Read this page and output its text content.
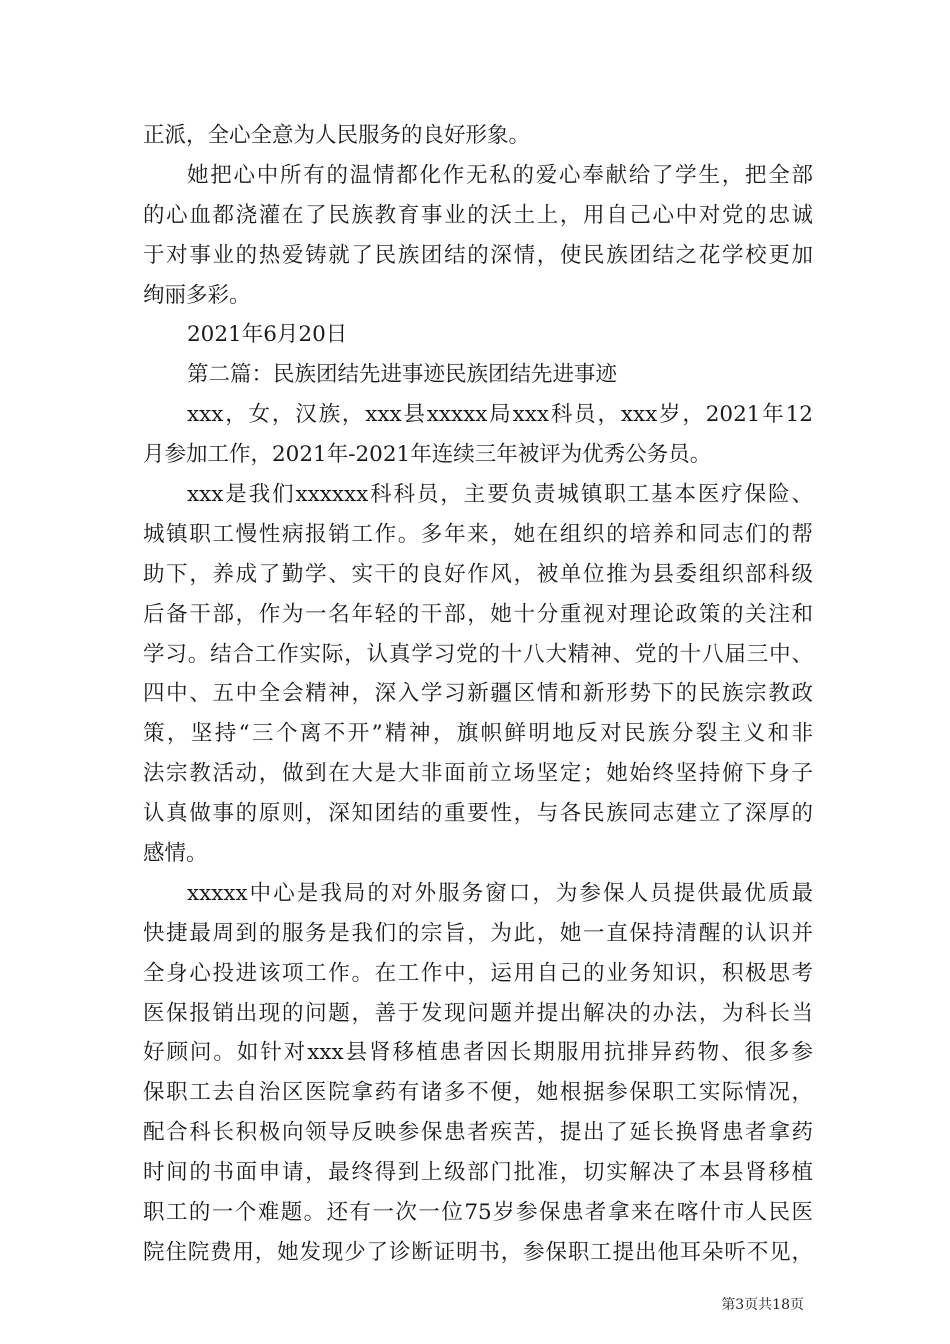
正派，全心全意为人民服务的良好形象。
她把心中所有的温情都化作无私的爱心奉献给了学生，把全部
的心血都浇灌在了民族教育事业的沃土上，用自己心中对党的忠诚
于对事业的热爱铸就了民族团结的深情，使民族团结之花学校更加
绚丽多彩。
2021年6月20日
第二篇：民族团结先进事迹民族团结先进事迹
xxx，女，汉族，xxx县xxxxx局xxx科员，xxx岁，2021年12
月参加工作，2021年-2021年连续三年被评为优秀公务员。
xxx是我们xxxxxx科科员，主要负责城镇职工基本医疗保险、
城镇职工慢性病报销工作。多年来，她在组织的培养和同志们的帮
助下，养成了勤学、实干的良好作风，被单位推为县委组织部科级
后备干部，作为一名年轻的干部，她十分重视对理论政策的关注和
学习。结合工作实际，认真学习党的十八大精神、党的十八届三中、
四中、五中全会精神，深入学习新疆区情和新形势下的民族宗教政
策，坚持“三个离不开”精神，旗帜鲜明地反对民族分裂主义和非
法宗教活动，做到在大是大非面前立场坚定；她始终坚持俯下身子
认真做事的原则，深知团结的重要性，与各民族同志建立了深厚的
感情。
xxxxx中心是我局的对外服务窗口，为参保人员提供最优质最
快捷最周到的服务是我们的宗旨，为此，她一直保持清醒的认识并
全身心投进该项工作。在工作中，运用自己的业务知识，积极思考
医保报销出现的问题，善于发现问题并提出解决的办法，为科长当
好顾问。如针对xxx县肾移植患者因长期服用抗排异药物、很多参
保职工去自治区医院拿药有诸多不便，她根据参保职工实际情况，
配合科长积极向领导反映参保患者疾苦，提出了延长换肾患者拿药
时间的书面申请，最终得到上级部门批准，切实解决了本县肾移植
职工的一个难题。还有一次一位75岁参保患者拿来在喀什市人民医
院住院费用，她发现少了诊断证明书，参保职工提出他耳朵听不见，
第3页共18页
